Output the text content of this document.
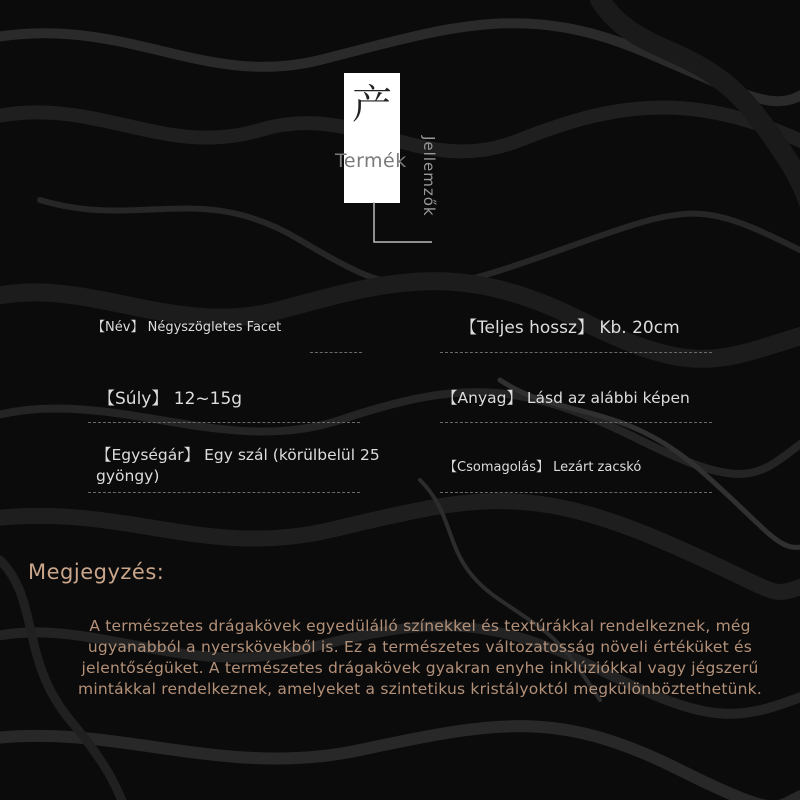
产
Termék Jellemzők
【Név】 Négyszögletes Facet	【Teljes hossz】 Kb. 20cm
【Súly】 12~15g	【Anyag】 Lásd az alábbi képen
【Egységár】 Egy szál (körülbelül 25 gyöngy)	【Csomagolás】 Lezárt zacskó
Megjegyzés:
A természetes drágakövek egyedülálló színekkel és textúrákkal rendelkeznek, még ugyanabból a nyerskövekből is. Ez a természetes változatosság növeli értéküket és jelentőségüket. A természetes drágakövek gyakran enyhe inklúziókkal vagy jégszerű mintákkal rendelkeznek, amelyeket a szintetikus kristályoktól megkülönböztethetünk.
